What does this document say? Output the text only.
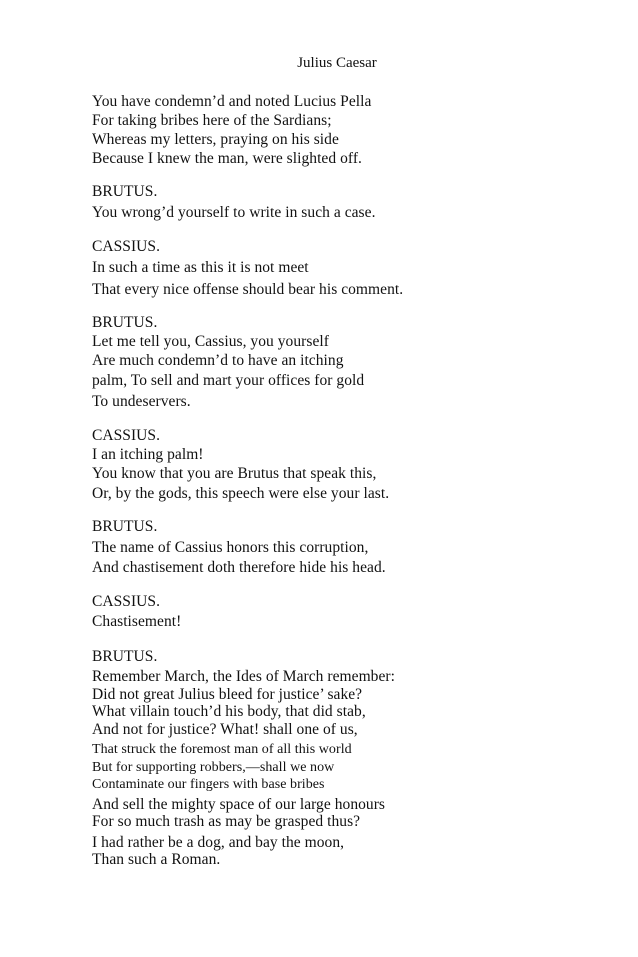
Julius Caesar
You have condemn’d and noted Lucius Pella
For taking bribes here of the Sardians;
Whereas my letters, praying on his side
Because I knew the man, were slighted off.
BRUTUS.
You wrong’d yourself to write in such a case.
CASSIUS.
In such a time as this it is not meet
That every nice offense should bear his comment.
BRUTUS.
Let me tell you, Cassius, you yourself
Are much condemn’d to have an itching
palm, To sell and mart your offices for gold
To undeservers.
CASSIUS.
I an itching palm!
You know that you are Brutus that speak this,
Or, by the gods, this speech were else your last.
BRUTUS.
The name of Cassius honors this corruption,
And chastisement doth therefore hide his head.
CASSIUS.
Chastisement!
BRUTUS.
Remember March, the Ides of March remember:
Did not great Julius bleed for justice’ sake?
What villain touch’d his body, that did stab,
And not for justice? What! shall one of us,
That struck the foremost man of all this world
But for supporting robbers,—shall we now
Contaminate our fingers with base bribes
And sell the mighty space of our large honours
For so much trash as may be grasped thus?
I had rather be a dog, and bay the moon,
Than such a Roman.
